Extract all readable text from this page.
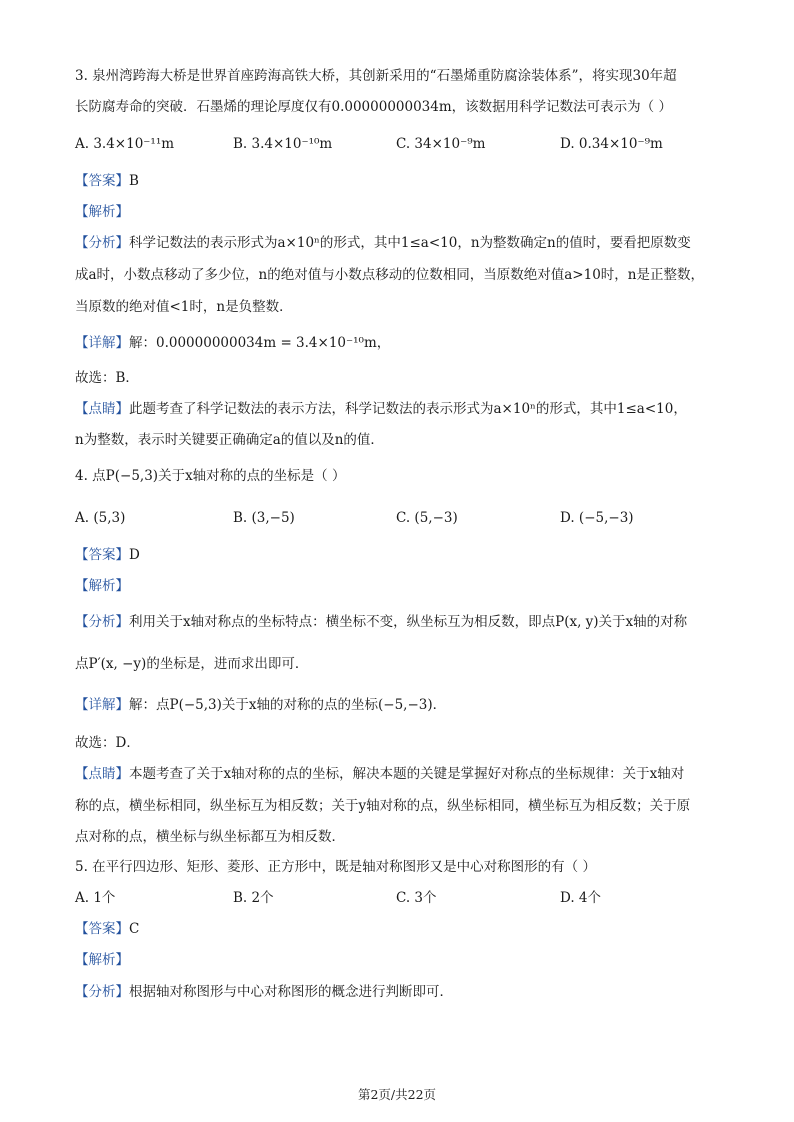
3. 泉州湾跨海大桥是世界首座跨海高铁大桥，其创新采用的“石墨烯重防腐涂装体系”，将实现30年超
长防腐寿命的突破．石墨烯的理论厚度仅有0.00000000034m，该数据用科学记数法可表示为（ ）
A. 3.4×10⁻¹¹m	B. 3.4×10⁻¹⁰m	C. 34×10⁻⁹m	D. 0.34×10⁻⁹m
【答案】B
【解析】
【分析】科学记数法的表示形式为a×10ⁿ的形式，其中1≤a<10，n为整数确定n的值时，要看把原数变
成a时，小数点移动了多少位，n的绝对值与小数点移动的位数相同，当原数绝对值a>10时，n是正整数，
当原数的绝对值<1时，n是负整数．
【详解】解：0.00000000034m = 3.4×10⁻¹⁰m，
故选：B．
【点睛】此题考查了科学记数法的表示方法，科学记数法的表示形式为a×10ⁿ的形式，其中1≤a<10，
n为整数，表示时关键要正确确定a的值以及n的值．
4. 点P(−5,3)关于x轴对称的点的坐标是（ ）
A. (5,3)	B. (3,−5)	C. (5,−3)	D. (−5,−3)
【答案】D
【解析】
【分析】利用关于x轴对称点的坐标特点：横坐标不变，纵坐标互为相反数，即点P(x, y)关于x轴的对称
点P′(x, −y)的坐标是，进而求出即可．
【详解】解：点P(−5,3)关于x轴的对称的点的坐标(−5,−3)．
故选：D．
【点睛】本题考查了关于x轴对称的点的坐标，解决本题的关键是掌握好对称点的坐标规律：关于x轴对
称的点，横坐标相同，纵坐标互为相反数；关于y轴对称的点，纵坐标相同，横坐标互为相反数；关于原
点对称的点，横坐标与纵坐标都互为相反数．
5. 在平行四边形、矩形、菱形、正方形中，既是轴对称图形又是中心对称图形的有（ ）
A. 1个	B. 2个	C. 3个	D. 4个
【答案】C
【解析】
【分析】根据轴对称图形与中心对称图形的概念进行判断即可．
第2页/共22页
